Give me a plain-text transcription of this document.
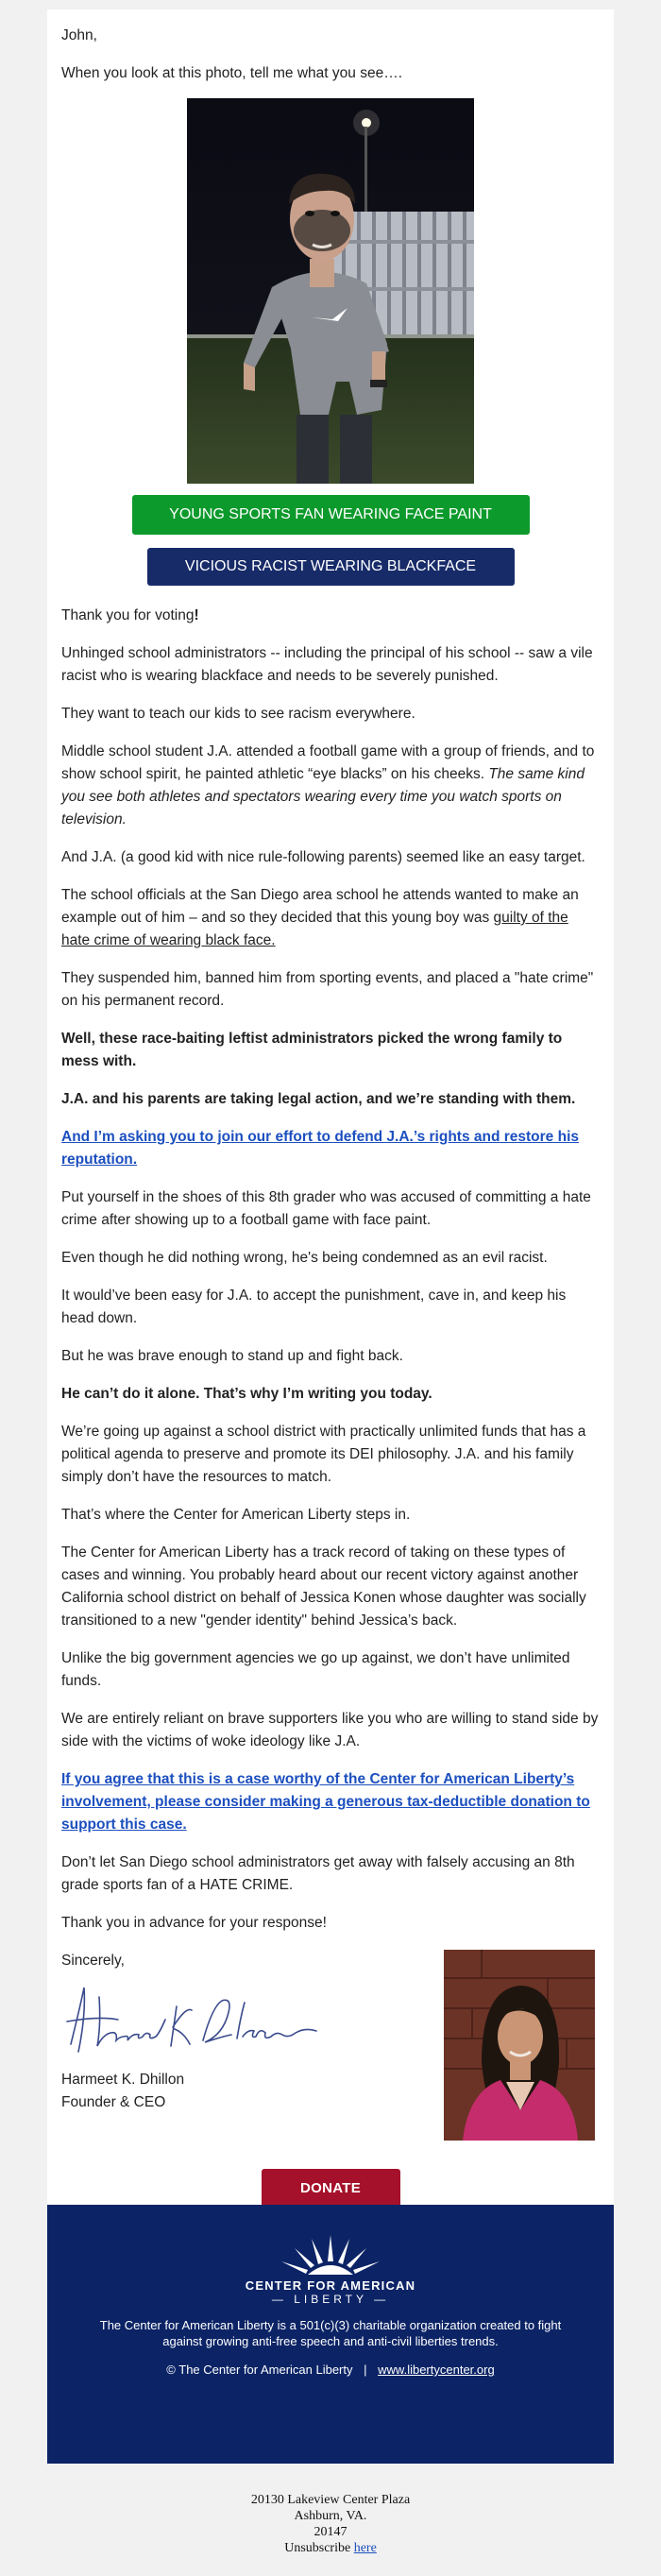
John,
When you look at this photo, tell me what you see….
YOUNG SPORTS FAN WEARING FACE PAINT
VICIOUS RACIST WEARING BLACKFACE
Thank you for voting!
Unhinged school administrators -- including the principal of his school -- saw a vile racist who is wearing blackface and needs to be severely punished.
They want to teach our kids to see racism everywhere.
Middle school student J.A. attended a football game with a group of friends, and to show school spirit, he painted athletic “eye blacks” on his cheeks. The same kind you see both athletes and spectators wearing every time you watch sports on television.
And J.A. (a good kid with nice rule-following parents) seemed like an easy target.
The school officials at the San Diego area school he attends wanted to make an example out of him – and so they decided that this young boy was guilty of the hate crime of wearing black face.
They suspended him, banned him from sporting events, and placed a "hate crime" on his permanent record.
Well, these race-baiting leftist administrators picked the wrong family to mess with.
J.A. and his parents are taking legal action, and we’re standing with them.
And I’m asking you to join our effort to defend J.A.’s rights and restore his reputation.
Put yourself in the shoes of this 8th grader who was accused of committing a hate crime after showing up to a football game with face paint.
Even though he did nothing wrong, he's being condemned as an evil racist.
It would’ve been easy for J.A. to accept the punishment, cave in, and keep his head down.
But he was brave enough to stand up and fight back.
He can’t do it alone. That’s why I’m writing you today.
We’re going up against a school district with practically unlimited funds that has a political agenda to preserve and promote its DEI philosophy. J.A. and his family simply don’t have the resources to match.
That’s where the Center for American Liberty steps in.
The Center for American Liberty has a track record of taking on these types of cases and winning. You probably heard about our recent victory against another California school district on behalf of Jessica Konen whose daughter was socially transitioned to a new "gender identity" behind Jessica’s back.
Unlike the big government agencies we go up against, we don’t have unlimited funds.
We are entirely reliant on brave supporters like you who are willing to stand side by side with the victims of woke ideology like J.A.
If you agree that this is a case worthy of the Center for American Liberty’s involvement, please consider making a generous tax-deductible donation to support this case.
Don’t let San Diego school administrators get away with falsely accusing an 8th grade sports fan of a HATE CRIME.
Thank you in advance for your response!
Sincerely,
Harmeet K. Dhillon
Founder & CEO
DONATE
CENTER FOR AMERICAN
— LIBERTY —
The Center for American Liberty is a 501(c)(3) charitable organization created to fight against growing anti-free speech and anti-civil liberties trends.
© The Center for American Liberty | www.libertycenter.org
20130 Lakeview Center Plaza
Ashburn, VA.
20147
Unsubscribe here
